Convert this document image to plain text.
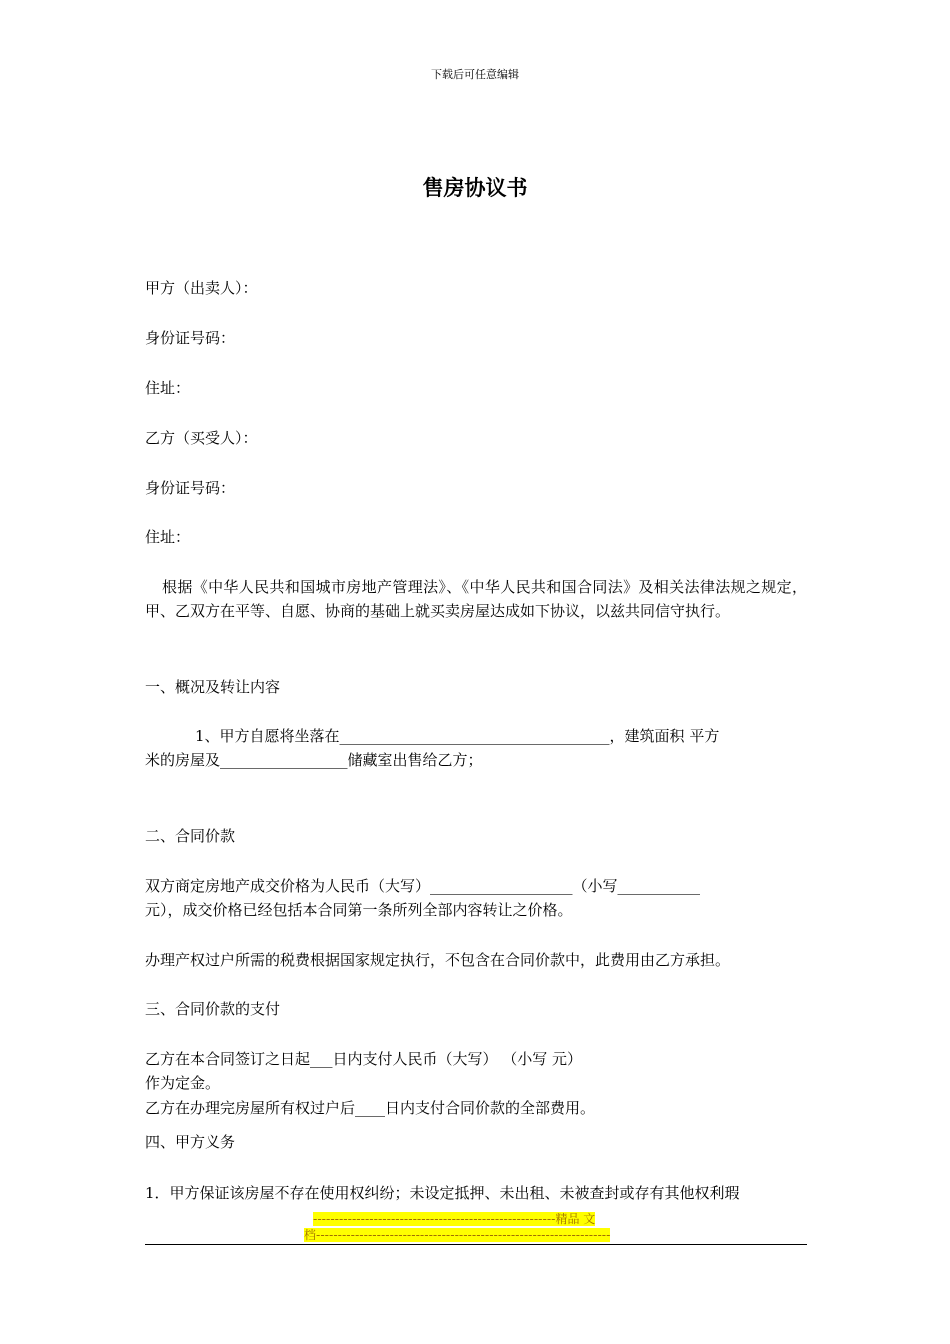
下载后可任意编辑
售房协议书
甲方（出卖人）：
身份证号码：
住址：
乙方（买受人）：
身份证号码：
住址：
根据《中华人民共和国城市房地产管理法》、《中华人民共和国合同法》及相关法律法规之规定，甲、乙双方在平等、自愿、协商的基础上就买卖房屋达成如下协议，以兹共同信守执行。
一、概况及转让内容
1、甲方自愿将坐落在____________________________________，建筑面积 平方
米的房屋及_________________储藏室出售给乙方；
二、合同价款
双方商定房地产成交价格为人民币（大写）___________________（小写___________
元），成交价格已经包括本合同第一条所列全部内容转让之价格。
办理产权过户所需的税费根据国家规定执行，不包含在合同价款中，此费用由乙方承担。
三、合同价款的支付
乙方在本合同签订之日起___日内支付人民币（大写） （小写 元）
作为定金。
乙方在办理完房屋所有权过户后____日内支付合同价款的全部费用。
四、甲方义务
1．甲方保证该房屋不存在使用权纠纷；未设定抵押、未出租、未被查封或存有其他权利瑕
--------------------------------------------------------精品 文
档--------------------------------------------------------------------
